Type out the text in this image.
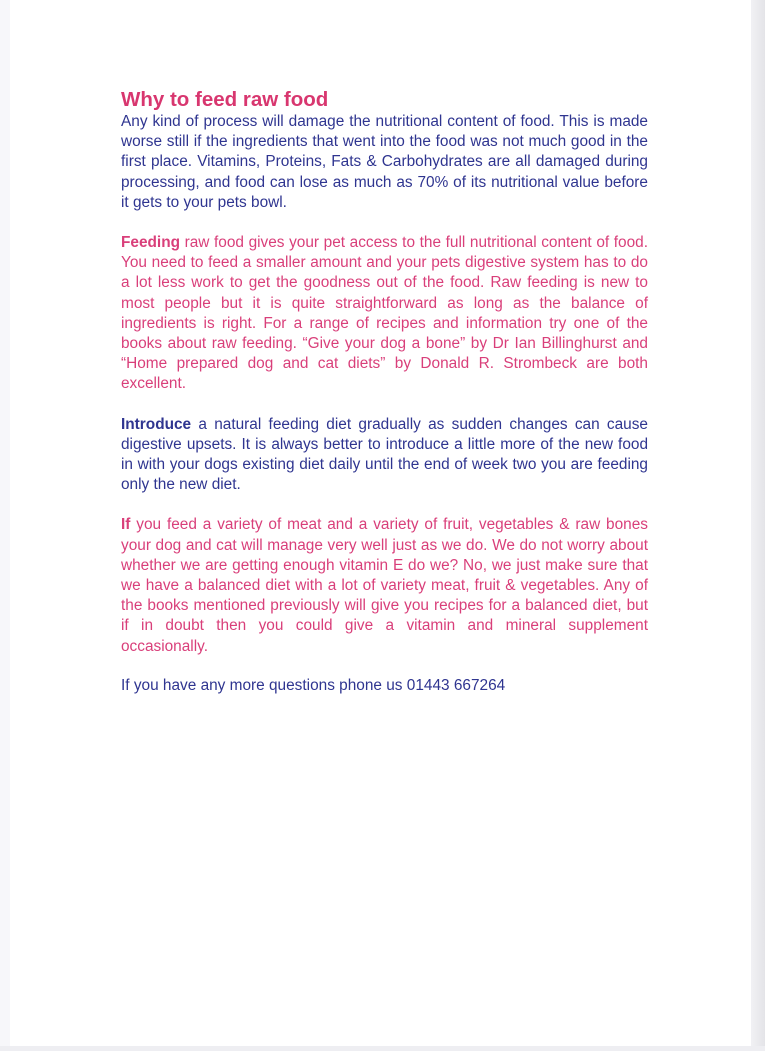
Why to feed raw food

Any kind of process will damage the nutritional content of food. This is made worse still if the ingredients that went into the food was not much good in the first place. Vitamins, Proteins, Fats & Carbohydrates are all damaged during processing, and food can lose as much as 70% of its nutritional value before it gets to your pets bowl.

Feeding raw food gives your pet access to the full nutritional content of food. You need to feed a smaller amount and your pets digestive system has to do a lot less work to get the goodness out of the food. Raw feeding is new to most people but it is quite straightforward as long as the balance of ingredients is right. For a range of recipes and information try one of the books about raw feeding. “Give your dog a bone” by Dr Ian Billinghurst and “Home prepared dog and cat diets” by Donald R. Strombeck are both excellent.

Introduce a natural feeding diet gradually as sudden changes can cause digestive upsets. It is always better to introduce a little more of the new food in with your dogs existing diet daily until the end of week two you are feeding only the new diet.

If you feed a variety of meat and a variety of fruit, vegetables & raw bones your dog and cat will manage very well just as we do. We do not worry about whether we are getting enough vitamin E do we? No, we just make sure that we have a balanced diet with a lot of variety meat, fruit & vegetables. Any of the books mentioned previously will give you recipes for a balanced diet, but if in doubt then you could give a vitamin and mineral supplement occasionally.

If you have any more questions phone us 01443 667264
